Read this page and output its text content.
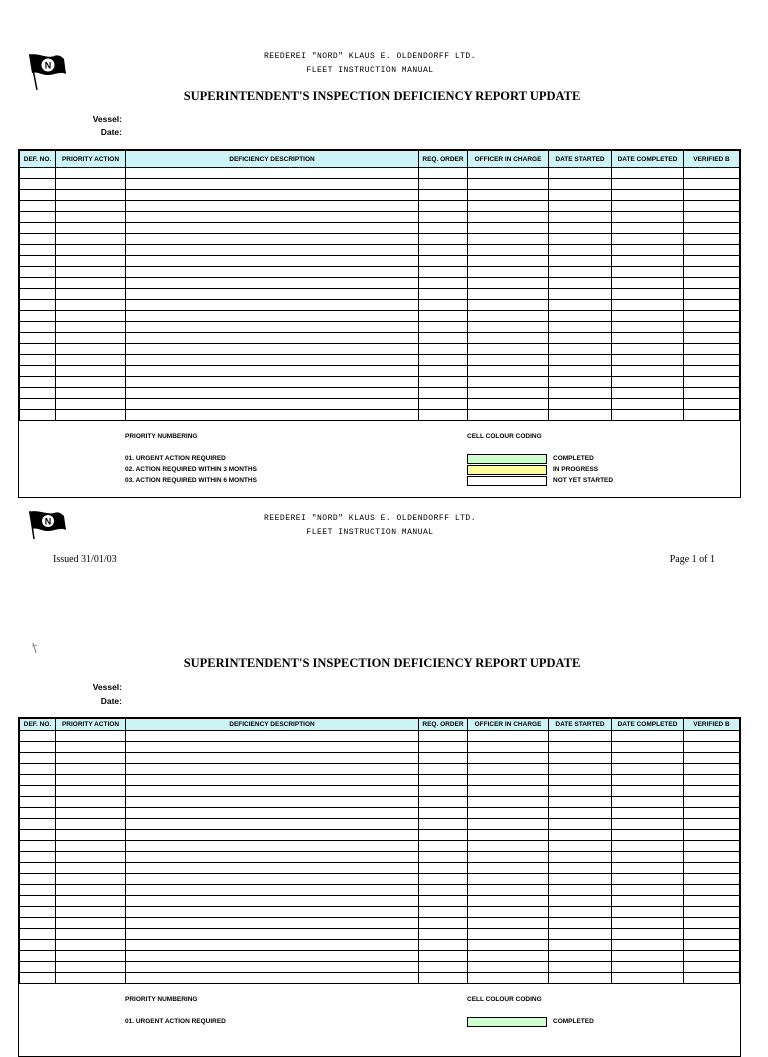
N
REEDEREI "NORD" KLAUS E. OLDENDORFF LTD.
FLEET INSTRUCTION MANUAL
SUPERINTENDENT'S INSPECTION DEFICIENCY REPORT UPDATE
Vessel:
Date:
DEF. NO.	PRIORITY ACTION	DEFICIENCY DESCRIPTION	REQ. ORDER	OFFICER IN CHARGE	DATE STARTED	DATE COMPLETED	VERIFIED B

PRIORITY NUMBERING
01. URGENT ACTION REQUIRED
02. ACTION REQUIRED WITHIN 3 MONTHS
03. ACTION REQUIRED WITHIN 6 MONTHS
CELL COLOUR CODING
COMPLETED
IN PROGRESS
NOT YET STARTED
N	REEDEREI "NORD" KLAUS E. OLDENDORFF LTD.
FLEET INSTRUCTION MANUAL
Issued 31/01/03	Page 1 of 1
SUPERINTENDENT'S INSPECTION DEFICIENCY REPORT UPDATE
Vessel:
Date:
DEF. NO.	PRIORITY ACTION	DEFICIENCY DESCRIPTION	REQ. ORDER	OFFICER IN CHARGE	DATE STARTED	DATE COMPLETED	VERIFIED B

PRIORITY NUMBERING
01. URGENT ACTION REQUIRED
CELL COLOUR CODING
COMPLETED
